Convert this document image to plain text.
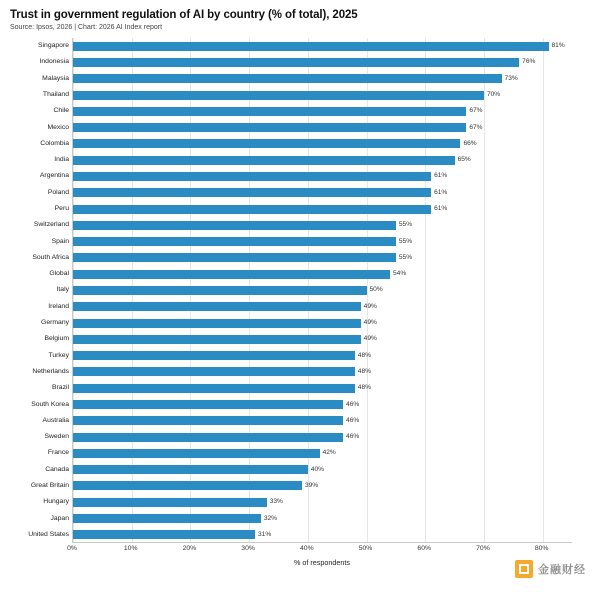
Trust in government regulation of AI by country (% of total), 2025
Source: Ipsos, 2026 | Chart: 2026 AI Index report
Singapore	81%
Indonesia	76%
Malaysia	73%
Thailand	70%
Chile	67%
Mexico	67%
Colombia	66%
India	65%
Argentina	61%
Poland	61%
Peru	61%
Switzerland	55%
Spain	55%
South Africa	55%
Global	54%
Italy	50%
Ireland	49%
Germany	49%
Belgium	49%
Turkey	48%
Netherlands	48%
Brazil	48%
South Korea	46%
Australia	46%
Sweden	46%
France	42%
Canada	40%
Great Britain	39%
Hungary	33%
Japan	32%
United States	31%
0%	10%	20%	30%	40%	50%	60%	70%	80%
% of respondents
金融财经
